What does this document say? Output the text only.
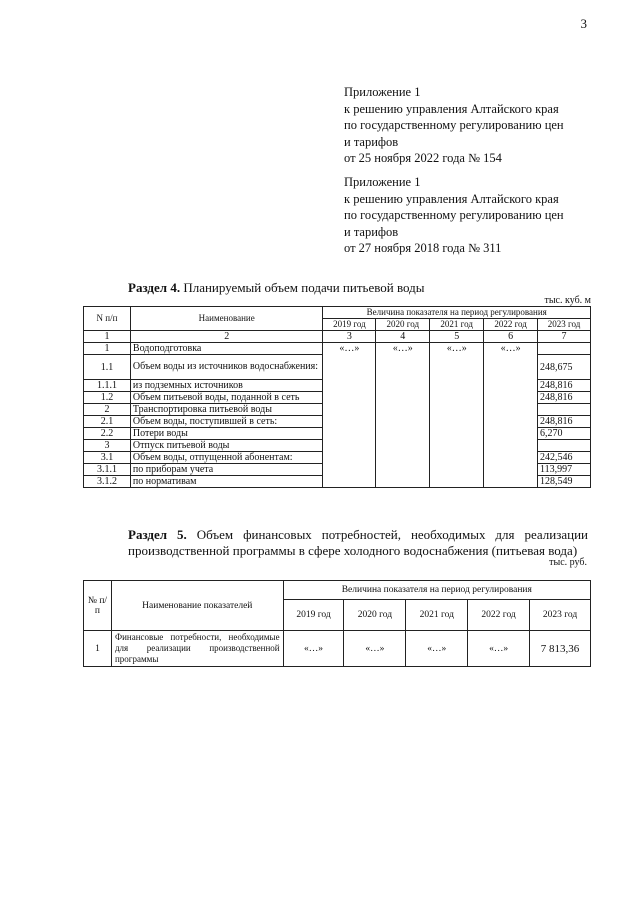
3
Приложение 1
к решению управления Алтайского края
по государственному регулированию цен
и тарифов
от 25 ноября 2022 года № 154
Приложение 1
к решению управления Алтайского края
по государственному регулированию цен
и тарифов
от 27 ноября 2018 года № 311
Раздел 4. Планируемый объем подачи питьевой воды
тыс. куб. м
N п/п	Наименование	Величина показателя на период регулирования				
		2019 год	2020 год	2021 год	2022 год	2023 год
1	2	3	4	5	6	7
1	Водоподготовка	«…»	«…»	«…»	«…»	
1.1	Объем воды из источников водоснабжения:					248,675
1.1.1	из подземных источников					248,816
1.2	Объем питьевой воды, поданной в сеть					248,816
2	Транспортировка питьевой воды					
2.1	Объем воды, поступившей в сеть:					248,816
2.2	Потери воды					6,270
3	Отпуск питьевой воды					
3.1	Объем воды, отпущенной абонентам:					242,546
3.1.1	по приборам учета					113,997
3.1.2	по нормативам					128,549
Раздел 5. Объем финансовых потребностей, необходимых для реализации производственной программы в сфере холодного водоснабжения (питьевая вода)
тыс. руб.
№ п/п	Наименование показателей	Величина показателя на период регулирования				
		2019 год	2020 год	2021 год	2022 год	2023 год
1	Финансовые потребности, необходимые для реализации производственной программы	«…»	«…»	«…»	«…»	7 813,36
